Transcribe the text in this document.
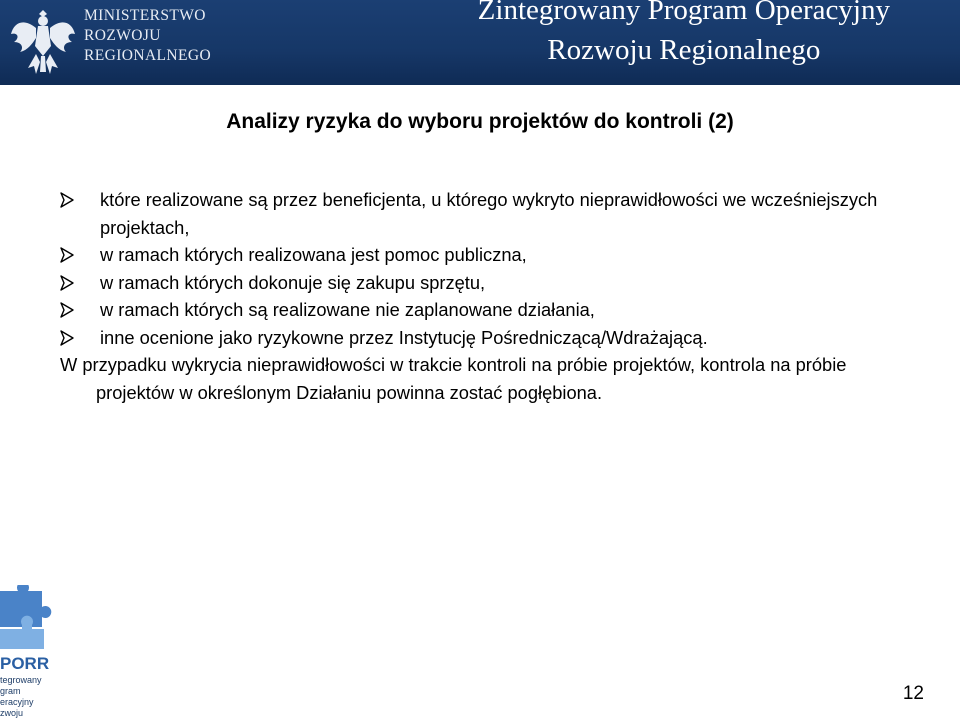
MINISTERSTWO
ROZWOJU
REGIONALNEGO
Zintegrowany Program Operacyjny
Rozwoju Regionalnego
Analizy ryzyka do wyboru projektów do kontroli (2)
które realizowane są przez beneficjenta, u którego wykryto nieprawidłowości we wcześniejszych projektach,
w ramach których realizowana jest pomoc publiczna,
w ramach których dokonuje się zakupu sprzętu,
w ramach których są realizowane nie zaplanowane działania,
inne ocenione jako ryzykowne przez Instytucję Pośredniczącą/Wdrażającą.
W przypadku wykrycia nieprawidłowości w trakcie kontroli na próbie projektów, kontrola na próbie projektów w określonym Działaniu powinna zostać pogłębiona.
PORR
tegrowany
gram
eracyjny
zwoju
12
